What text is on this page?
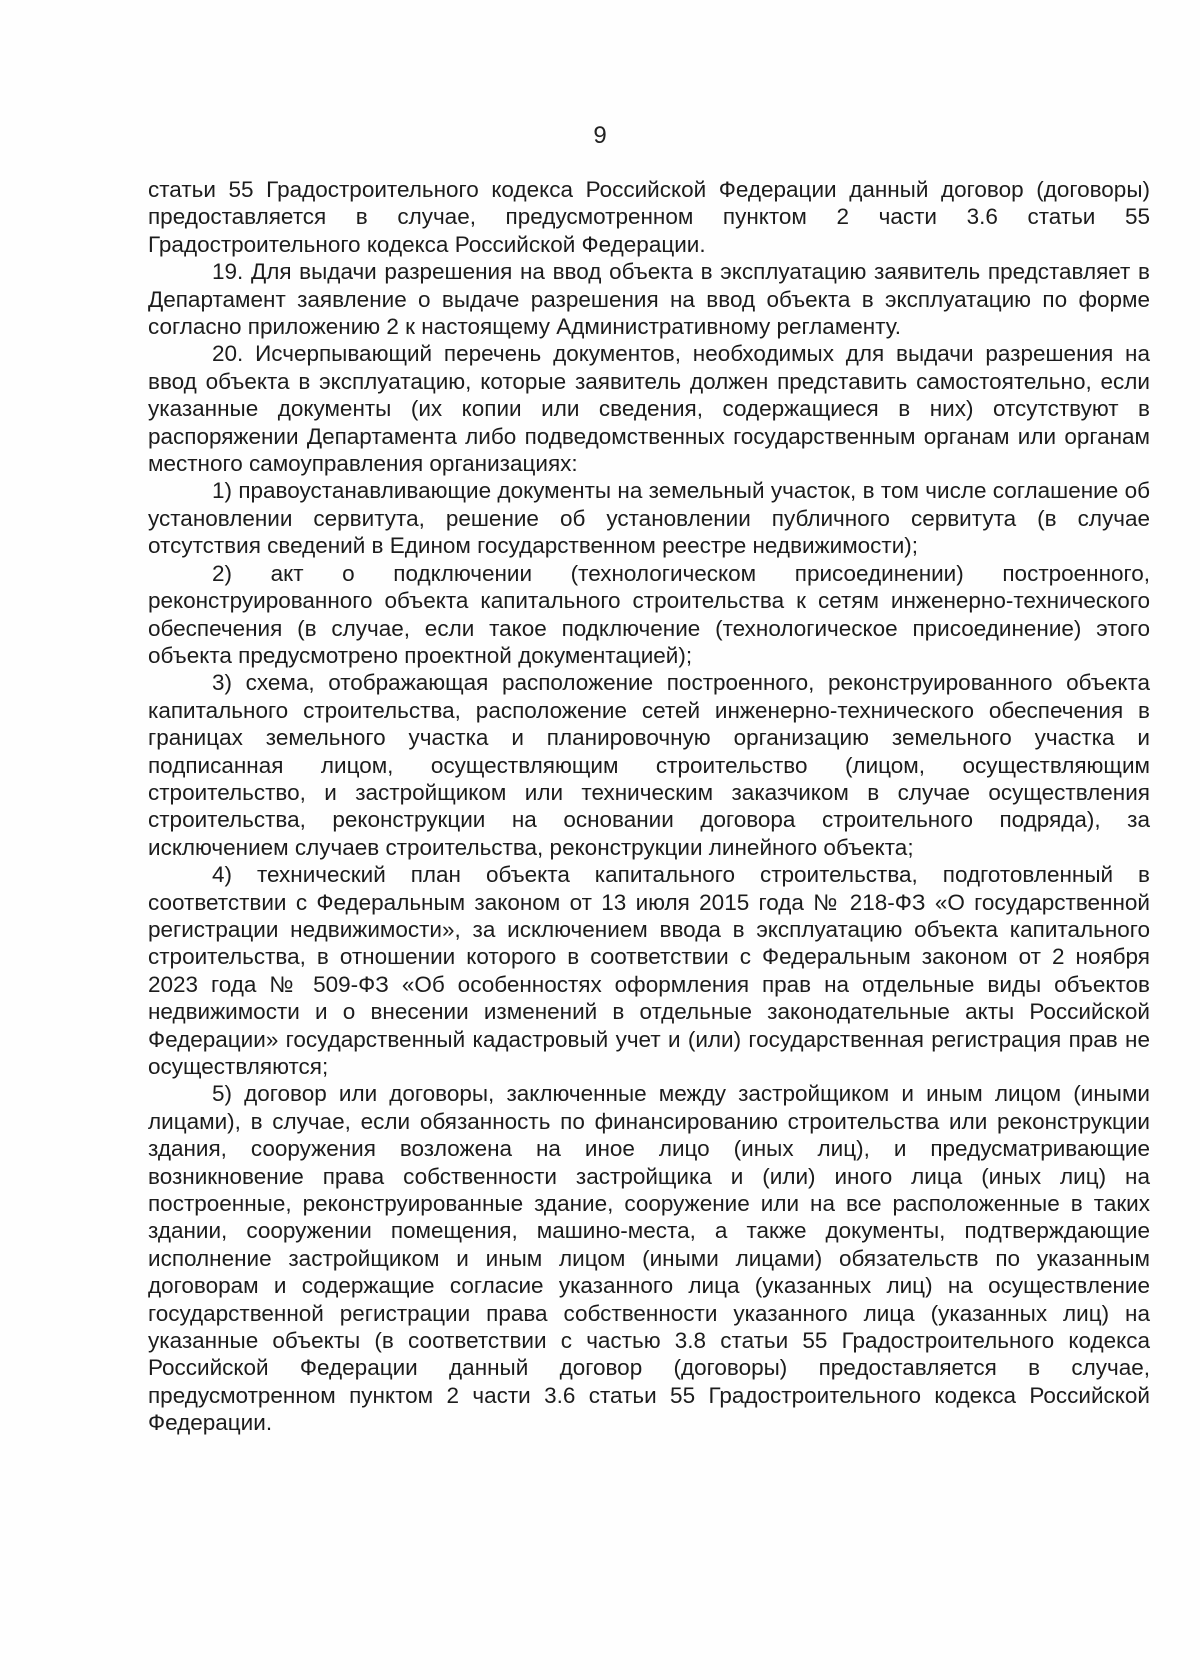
9

статьи 55 Градостроительного кодекса Российской Федерации данный договор (договоры) предоставляется в случае, предусмотренном пунктом 2 части 3.6 статьи 55 Градостроительного кодекса Российской Федерации.

19. Для выдачи разрешения на ввод объекта в эксплуатацию заявитель представляет в Департамент заявление о выдаче разрешения на ввод объекта в эксплуатацию по форме согласно приложению 2 к настоящему Административному регламенту.

20. Исчерпывающий перечень документов, необходимых для выдачи разрешения на ввод объекта в эксплуатацию, которые заявитель должен представить самостоятельно, если указанные документы (их копии или сведения, содержащиеся в них) отсутствуют в распоряжении Департамента либо подведомственных государственным органам или органам местного самоуправления организациях:

1) правоустанавливающие документы на земельный участок, в том числе соглашение об установлении сервитута, решение об установлении публичного сервитута (в случае отсутствия сведений в Едином государственном реестре недвижимости);

2) акт о подключении (технологическом присоединении) построенного, реконструированного объекта капитального строительства к сетям инженерно-технического обеспечения (в случае, если такое подключение (технологическое присоединение) этого объекта предусмотрено проектной документацией);

3) схема, отображающая расположение построенного, реконструированного объекта капитального строительства, расположение сетей инженерно-технического обеспечения в границах земельного участка и планировочную организацию земельного участка и подписанная лицом, осуществляющим строительство (лицом, осуществляющим строительство, и застройщиком или техническим заказчиком в случае осуществления строительства, реконструкции на основании договора строительного подряда), за исключением случаев строительства, реконструкции линейного объекта;

4) технический план объекта капитального строительства, подготовленный в соответствии с Федеральным законом от 13 июля 2015 года № 218-ФЗ «О государственной регистрации недвижимости», за исключением ввода в эксплуатацию объекта капитального строительства, в отношении которого в соответствии с Федеральным законом от 2 ноября 2023 года № 509-ФЗ «Об особенностях оформления прав на отдельные виды объектов недвижимости и о внесении изменений в отдельные законодательные акты Российской Федерации» государственный кадастровый учет и (или) государственная регистрация прав не осуществляются;

5) договор или договоры, заключенные между застройщиком и иным лицом (иными лицами), в случае, если обязанность по финансированию строительства или реконструкции здания, сооружения возложена на иное лицо (иных лиц), и предусматривающие возникновение права собственности застройщика и (или) иного лица (иных лиц) на построенные, реконструированные здание, сооружение или на все расположенные в таких здании, сооружении помещения, машино-места, а также документы, подтверждающие исполнение застройщиком и иным лицом (иными лицами) обязательств по указанным договорам и содержащие согласие указанного лица (указанных лиц) на осуществление государственной регистрации права собственности указанного лица (указанных лиц) на указанные объекты (в соответствии с частью 3.8 статьи 55 Градостроительного кодекса Российской Федерации данный договор (договоры) предоставляется в случае, предусмотренном пунктом 2 части 3.6 статьи 55 Градостроительного кодекса Российской Федерации.
